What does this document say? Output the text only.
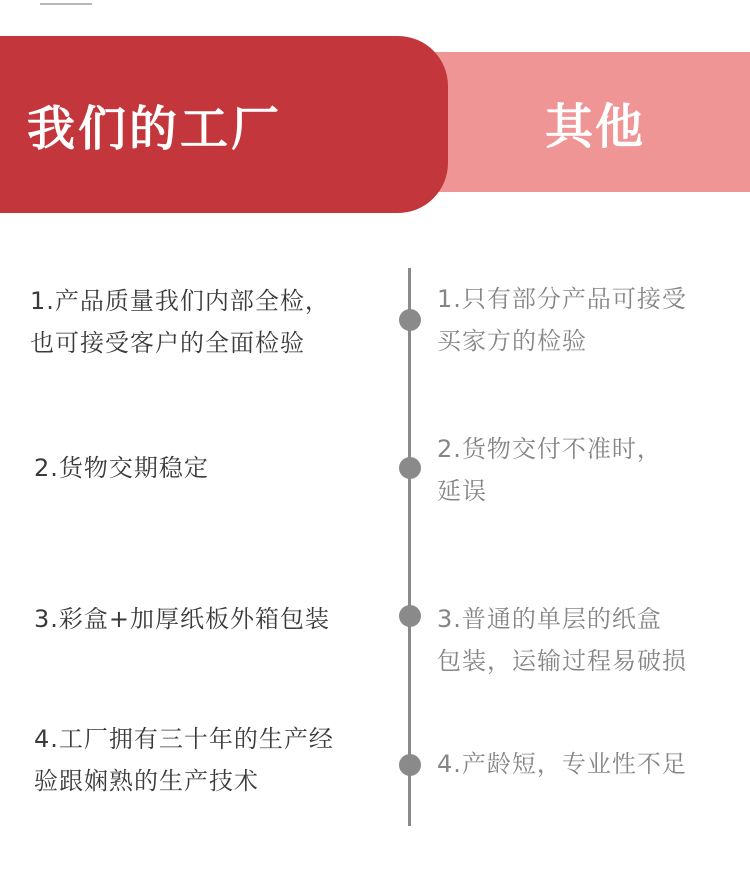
其他
我们的工厂
1.产品质量我们内部全检，
也可接受客户的全面检验
1.只有部分产品可接受
买家方的检验
2.货物交期稳定
2.货物交付不准时，
延误
3.彩盒+加厚纸板外箱包装	3.普通的单层的纸盒
包装，运输过程易破损
4.工厂拥有三十年的生产经
验跟娴熟的生产技术
4.产龄短，专业性不足
